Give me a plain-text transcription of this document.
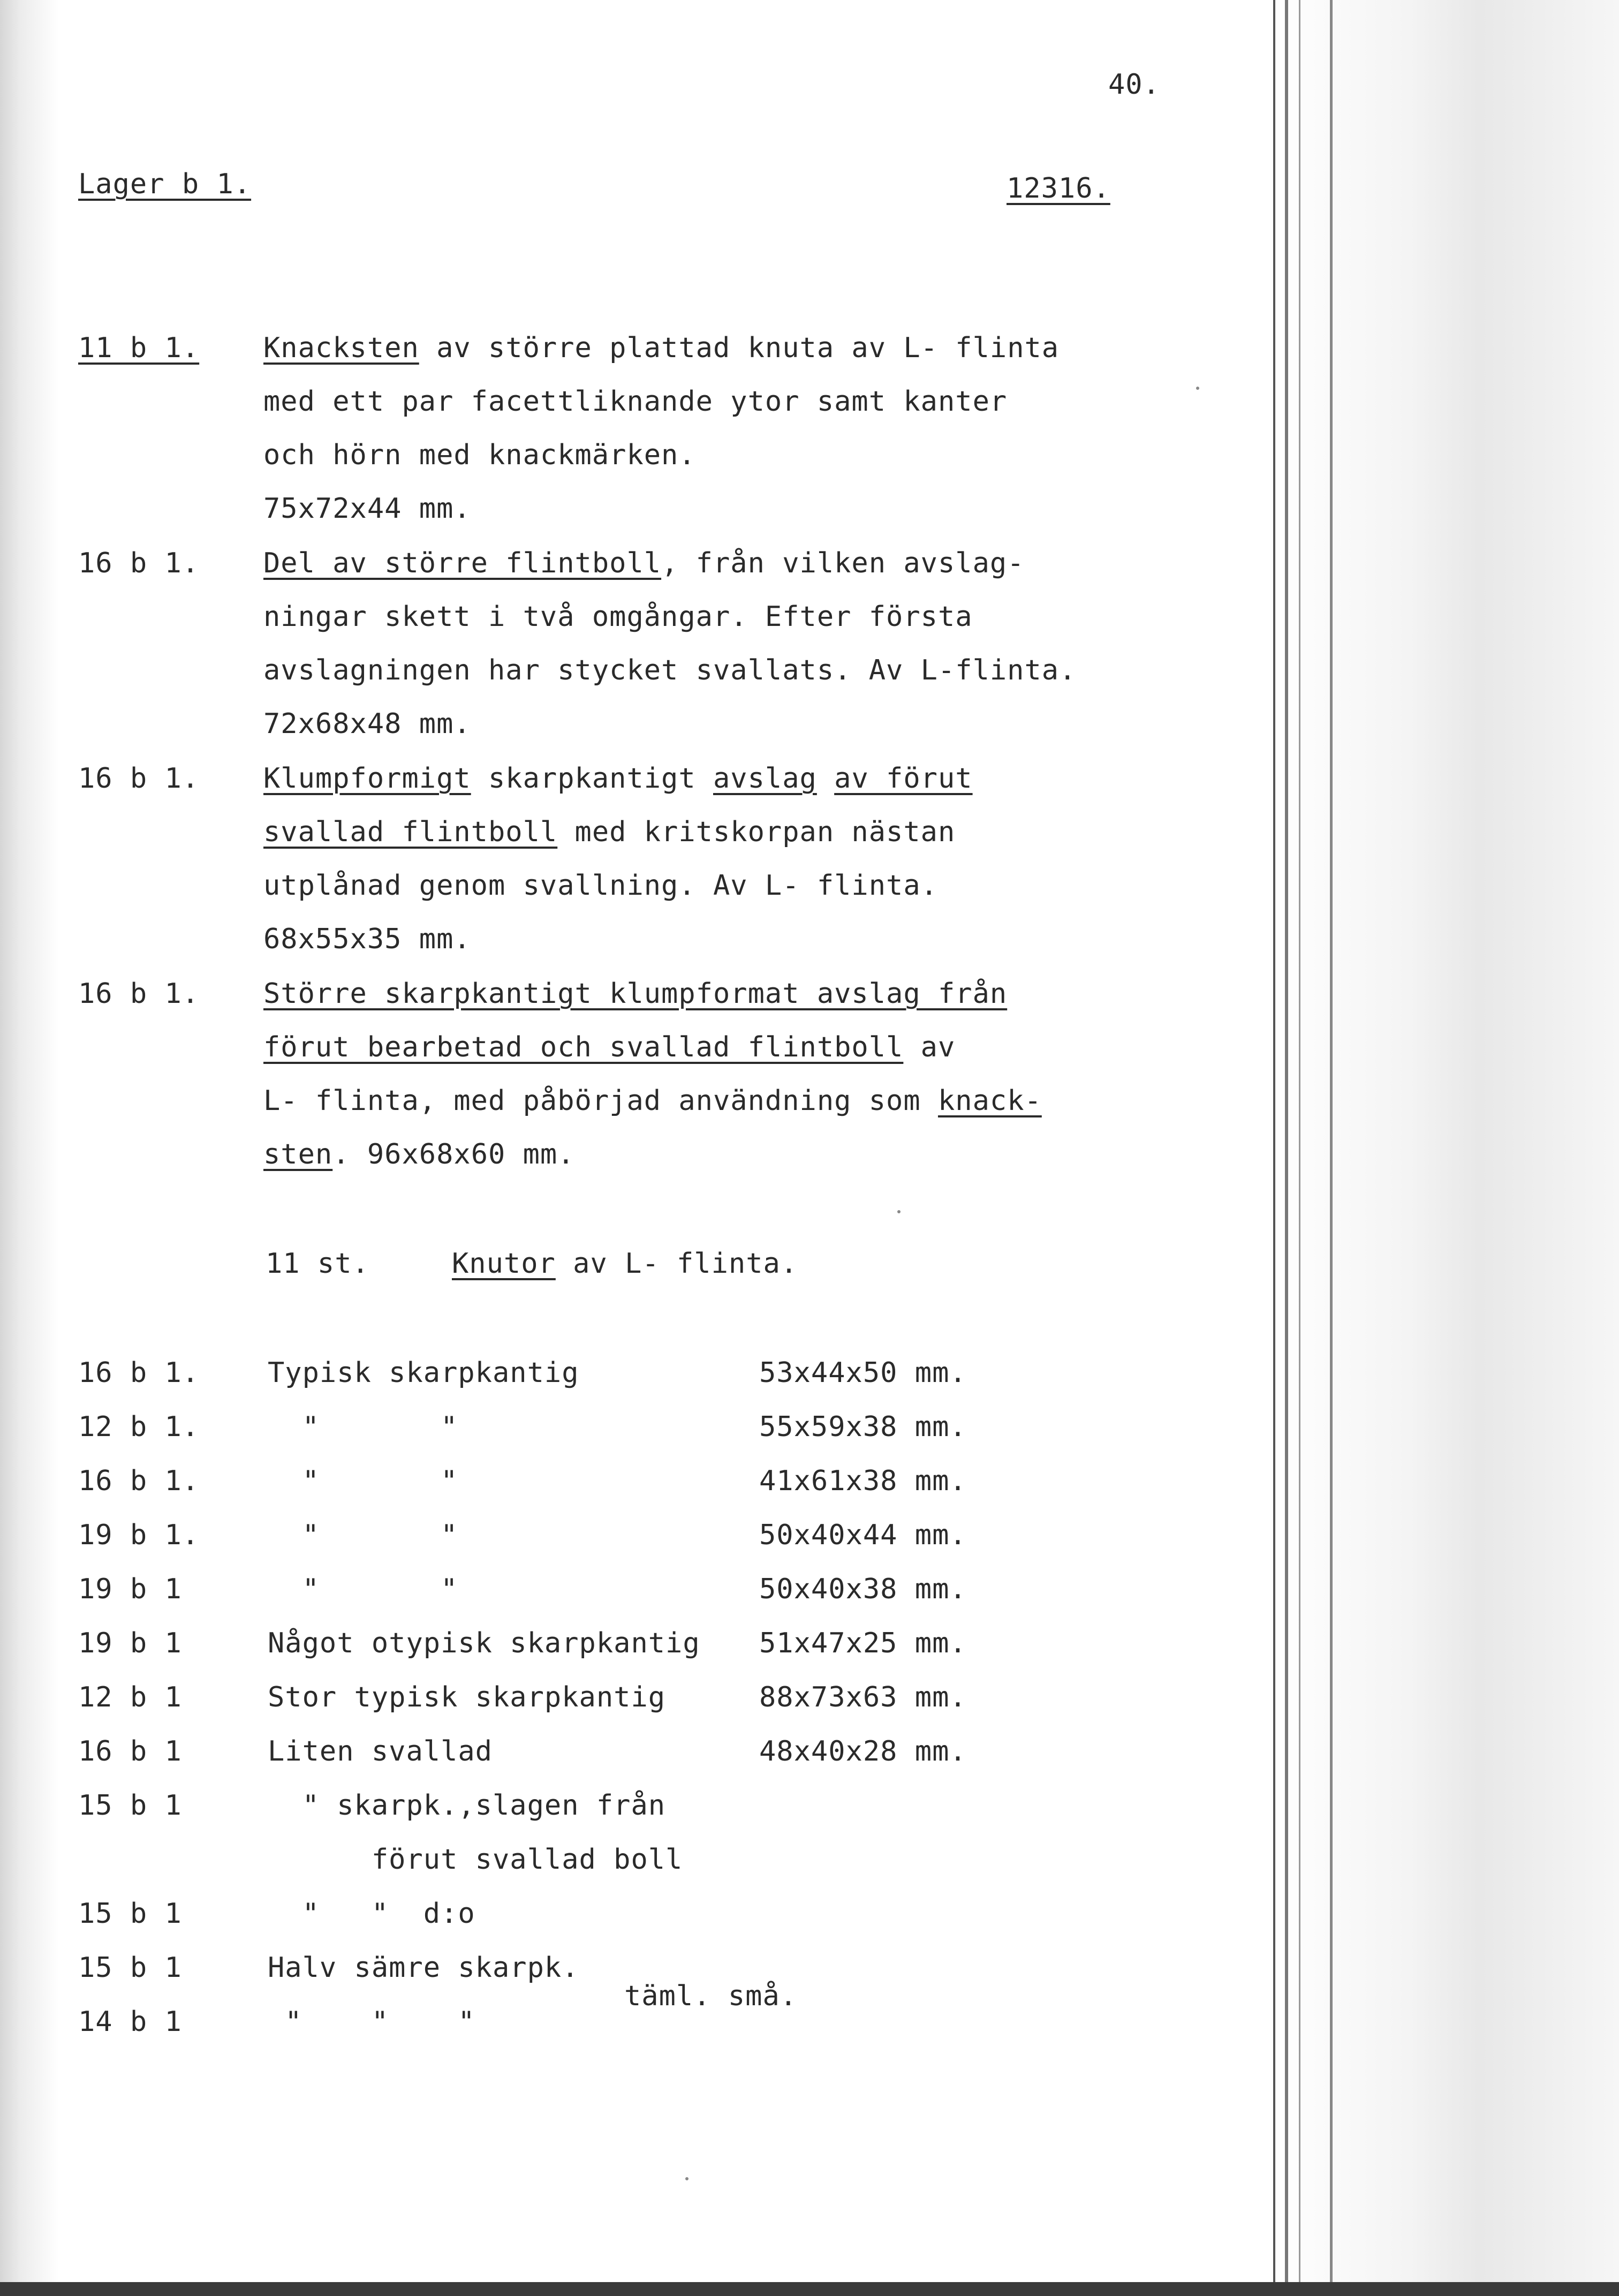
40.
Lager b 1.	12316.
11 b 1. Knacksten av större plattad knuta av L- flinta
med ett par facettliknande ytor samt kanter
och hörn med knackmärken.
75x72x44 mm.
16 b 1. Del av större flintboll, från vilken avslag-
ningar skett i två omgångar. Efter första
avslagningen har stycket svallats. Av L-flinta.
72x68x48 mm.
16 b 1. Klumpformigt skarpkantigt avslag av förut
svallad flintboll med kritskorpan nästan
utplånad genom svallning. Av L- flinta.
68x55x35 mm.
16 b 1. Större skarpkantigt klumpformat avslag från
förut bearbetad och svallad flintboll av
L- flinta, med påbörjad användning som knack-
sten. 96x68x60 mm.
11 st.	Knutor av L- flinta.
16 b 1. Typisk skarpkantig	53x44x50 mm.
12 b 1. "       "	55x59x38 mm.
16 b 1. "       "	41x61x38 mm.
19 b 1. "       "	50x40x44 mm.
19 b 1	"       "	50x40x38 mm.
19 b 1	Något otypisk skarpkantig 51x47x25 mm.
12 b 1	Stor typisk skarpkantig	88x73x63 mm.
16 b 1	Liten svallad	48x40x28 mm.
15 b 1	" skarpk.,slagen från
förut svallad boll
15 b 1	"   "  d:o
15 b 1	Halv sämre skarpk.
14 b 1	"    "    "
täml. små.
